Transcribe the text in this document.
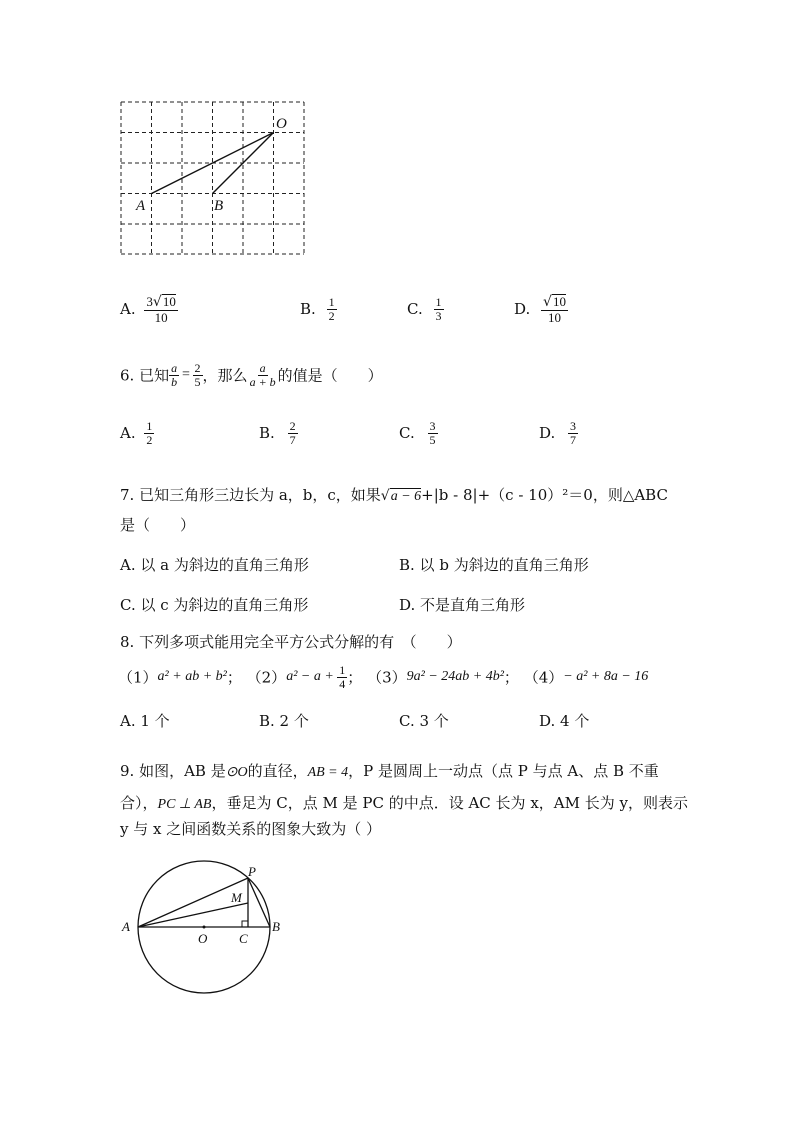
O
A	B
A. $\frac{3√10}{10}$	B. $\frac{1}{2}$	C. $\frac{1}{3}$	D. $\frac{√10}{10}$
6. 已知 $\frac{a}{b} = \frac{2}{5}$ ，那么 $\frac{a}{a + b}$ 的值是（　　）
A. $\frac{1}{2}$	B. $\frac{2}{7}$	C. $\frac{3}{5}$	D. $\frac{3}{7}$
7. 已知三角形三边长为 a，b，c，如果√a − 6+|b - 8|+（c - 10）²＝0，则△ABC
是（　　）
A. 以 a 为斜边的直角三角形	B. 以 b 为斜边的直角三角形
C. 以 c 为斜边的直角三角形	D. 不是直角三角形
8. 下列多项式能用完全平方公式分解的有　（　　）
（1）a² + ab + b²； $(2)a^2 - a + \frac{1}{4}$ ； （3）9a² − 24ab + 4b²； （4）− a² + 8a − 16
A. 1 个	B. 2 个	C. 3 个	D. 4 个
9. 如图，AB 是⊙O的直径，AB = 4，P 是圆周上一动点（点 P 与点 A、点 B 不重
合），PC ⊥ AB，垂足为 C，点 M 是 PC 的中点．设 AC 长为 x，AM 长为 y，则表示
y 与 x 之间函数关系的图象大致为（ ）
P
M
A
O C
B
